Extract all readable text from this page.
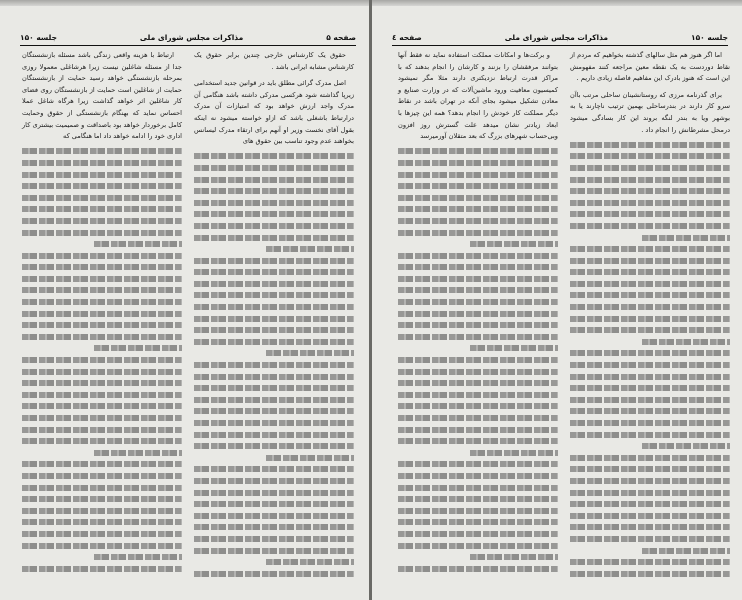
صفحه ۵
مذاکرات مجلس شورای ملی
جلسه ۱۵۰

حقوق یک کارشناس خارجی چندین برابر حقوق یک کارشناس مشابه ایرانی باشد .

اصل مدرک گرائی مطلق باید در قوانین جدید استخدامی زیرپا گذاشته شود هرکسی مدرکی داشته باشد هنگامی آن مدرک واجد ارزش خواهد بود که امتیازات آن مدرک درارتباط باشغلی باشد که ازاو خواسته میشود نه اینکه بقول آقای نخست وزیر او آنهم برای ارتقاء مدرک لیسانس بخواهند عدم وجود تناسب بین حقوق های

ارتباط با هزینه واقعی زندگی باشد مسئله بازنشستگان جدا از مسئله شاغلین نیست زیرا هرشاغلی معمولا روزی بمرحله بازنشستگی خواهد رسید حمایت از بازنشستگان حمایت از شاغلین است حمایت از بازنشستگان روی فضای کار شاغلین اثر خواهد گذاشت زیرا هرگاه شاغل عملا احساس نماید که بهنگام بازنشستگی از حقوق وحمایت کامل برخوردار خواهد بود باصداقت و صمیمیت بیشتری کار اداری خود را ادامه خواهد داد اما هنگامی که

جلسه ۱۵۰
مذاکرات مجلس شورای ملی
صفحه ٤

اما اگر هنوز هم مثل سالهای گذشته بخواهیم که مردم از نقاط دوردست به یک نقطه معین مراجعه کنند مفهومش این است که هنوز بادرک این مفاهیم فاصله زیادی داریم .

برای گذرنامه مرزی که روستانشینان ساحلی مرتب باآن سرو کار دارند در بندرساحلی بهمین ترتیب ناچارند یا به بوشهر ویا به بندر لنگه بروند این کار بسادگی میشود درمحل مشرطانش را انجام داد .

و برکت‌ها و امکانات مملکت استفاده نماید نه فقط آنها بتوانند مرفقشان را بزنند و کارشان را انجام بدهند که با مراکز قدرت ارتباط نزدیکتری دارند مثلا مگر نمیشود کمیسیون معافیت ورود ماشین‌آلات که در وزارت صنایع و معادن تشکیل میشود بجای آنکه در تهران باشد در نقاط دیگر مملکت کار خودش را انجام بدهد؟ همه این چیزها با ابعاد زیادتر نشان میدهد علت گسترش روز افزون وبی‌حساب شهرهای بزرگ که بعد متقلان آورمیرسد
